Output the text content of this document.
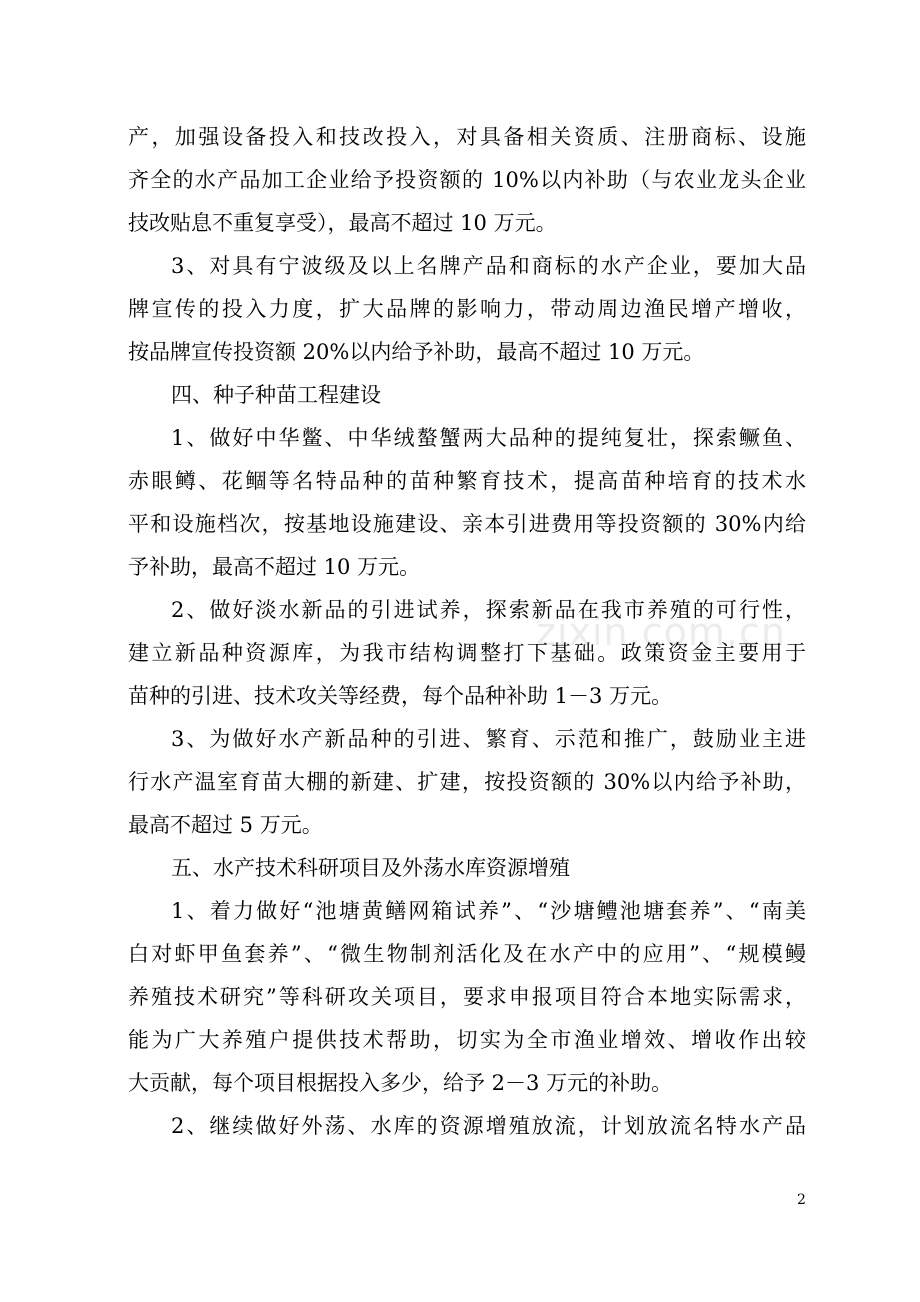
zixin.com.cn
产，加强设备投入和技改投入，对具备相关资质、注册商标、设施
齐全的水产品加工企业给予投资额的 10%以内补助（与农业龙头企业
技改贴息不重复享受），最高不超过 10 万元。
3、对具有宁波级及以上名牌产品和商标的水产企业，要加大品
牌宣传的投入力度，扩大品牌的影响力，带动周边渔民增产增收，
按品牌宣传投资额 20%以内给予补助，最高不超过 10 万元。
四、种子种苗工程建设
1、做好中华鳖、中华绒螯蟹两大品种的提纯复壮，探索鳜鱼、
赤眼鳟、花鲴等名特品种的苗种繁育技术，提高苗种培育的技术水
平和设施档次，按基地设施建设、亲本引进费用等投资额的 30%内给
予补助，最高不超过 10 万元。
2、做好淡水新品的引进试养，探索新品在我市养殖的可行性，
建立新品种资源库，为我市结构调整打下基础。政策资金主要用于
苗种的引进、技术攻关等经费，每个品种补助 1－3 万元。
3、为做好水产新品种的引进、繁育、示范和推广，鼓励业主进
行水产温室育苗大棚的新建、扩建，按投资额的 30%以内给予补助，
最高不超过 5 万元。
五、水产技术科研项目及外荡水库资源增殖
1、着力做好“池塘黄鳝网箱试养”、“沙塘鳢池塘套养”、“南美
白对虾甲鱼套养”、“微生物制剂活化及在水产中的应用”、“规模鳗
养殖技术研究”等科研攻关项目，要求申报项目符合本地实际需求，
能为广大养殖户提供技术帮助，切实为全市渔业增效、增收作出较
大贡献，每个项目根据投入多少，给予 2－3 万元的补助。
2、继续做好外荡、水库的资源增殖放流，计划放流名特水产品
2
